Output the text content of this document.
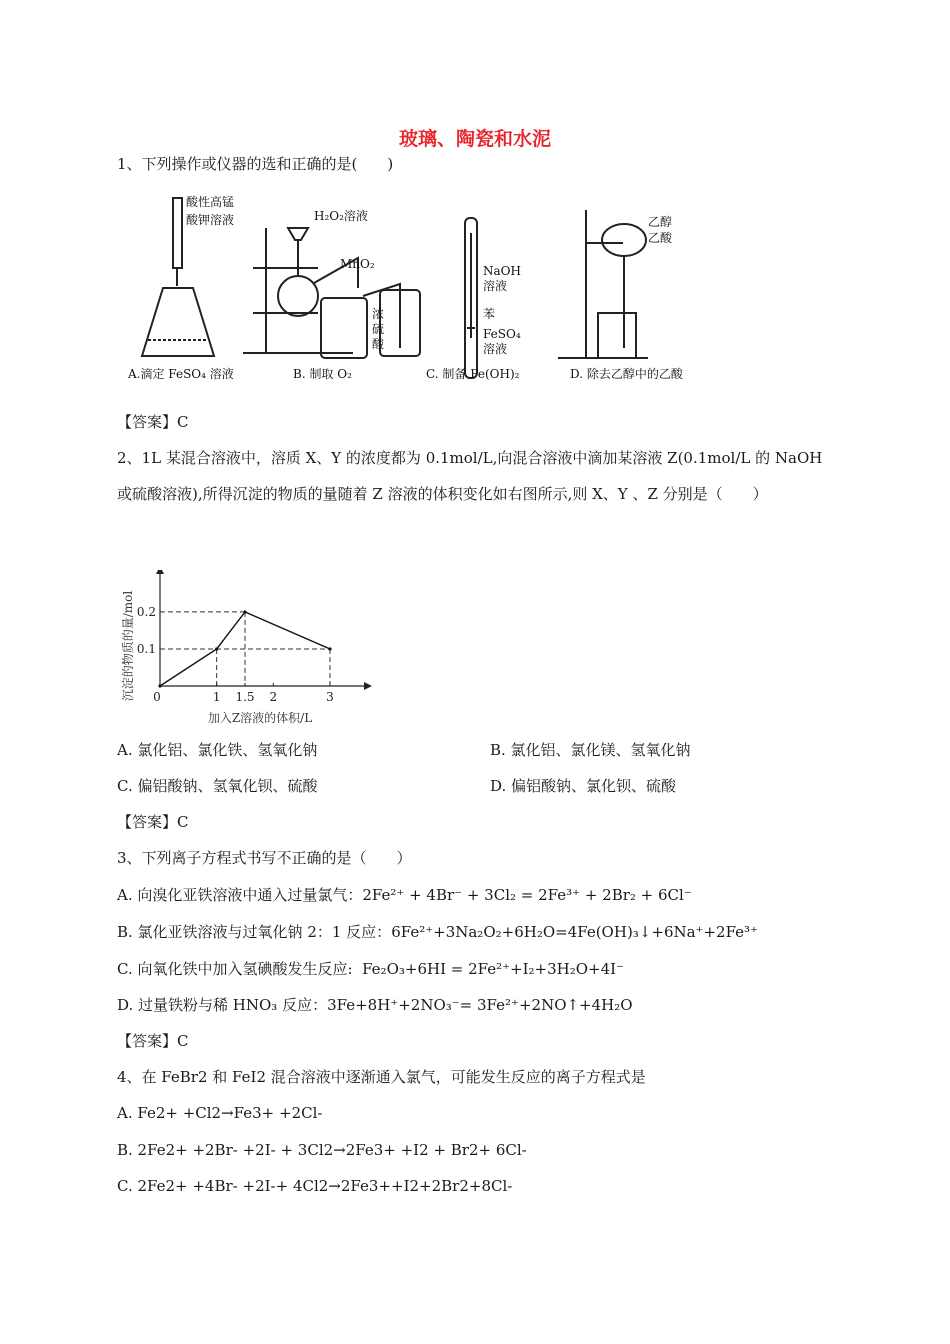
玻璃、陶瓷和水泥
1、下列操作或仪器的选和正确的是(　　)
酸性高锰
酸钾溶液
A.滴定 FeSO₄ 溶液
H₂O₂溶液
MnO₂
浓
硫
酸
B. 制取 O₂
NaOH
溶液
苯
FeSO₄
溶液
C. 制备 Fe(OH)₂
乙醇
乙酸
D. 除去乙醇中的乙酸
【答案】C
2、1L 某混合溶液中，溶质 X、Y 的浓度都为 0.1mol/L,向混合溶液中滴加某溶液 Z(0.1mol/L 的 NaOH 或硫酸溶液),所得沉淀的物质的量随着 Z 溶液的体积变化如右图所示,则 X、Y 、Z 分别是（　　）
沉淀的物质的量/mol
加入Z溶液的体积/L
0	1 1.5 2	3
0.1
0.2
A. 氯化铝、氯化铁、氢氧化钠	B. 氯化铝、氯化镁、氢氧化钠
C. 偏铝酸钠、氢氧化钡、硫酸	D. 偏铝酸钠、氯化钡、硫酸
【答案】C
3、下列离子方程式书写不正确的是（　　）
A. 向溴化亚铁溶液中通入过量氯气：2Fe²⁺ + 4Br⁻ + 3Cl₂ = 2Fe³⁺ + 2Br₂ + 6Cl⁻
B. 氯化亚铁溶液与过氧化钠 2：1 反应：6Fe²⁺+3Na₂O₂+6H₂O=4Fe(OH)₃↓+6Na⁺+2Fe³⁺
C. 向氧化铁中加入氢碘酸发生反应: Fe₂O₃+6HI = 2Fe²⁺+I₂+3H₂O+4I⁻
D. 过量铁粉与稀 HNO₃ 反应：3Fe+8H⁺+2NO₃⁻= 3Fe²⁺+2NO↑+4H₂O
【答案】C
4、在 FeBr2 和 FeI2 混合溶液中逐渐通入氯气，可能发生反应的离子方程式是
A. Fe2+ +Cl2→Fe3+ +2Cl-
B. 2Fe2+ +2Br- +2I- + 3Cl2→2Fe3+ +I2 + Br2+ 6Cl-
C. 2Fe2+ +4Br- +2I-+ 4Cl2→2Fe3++I2+2Br2+8Cl-
